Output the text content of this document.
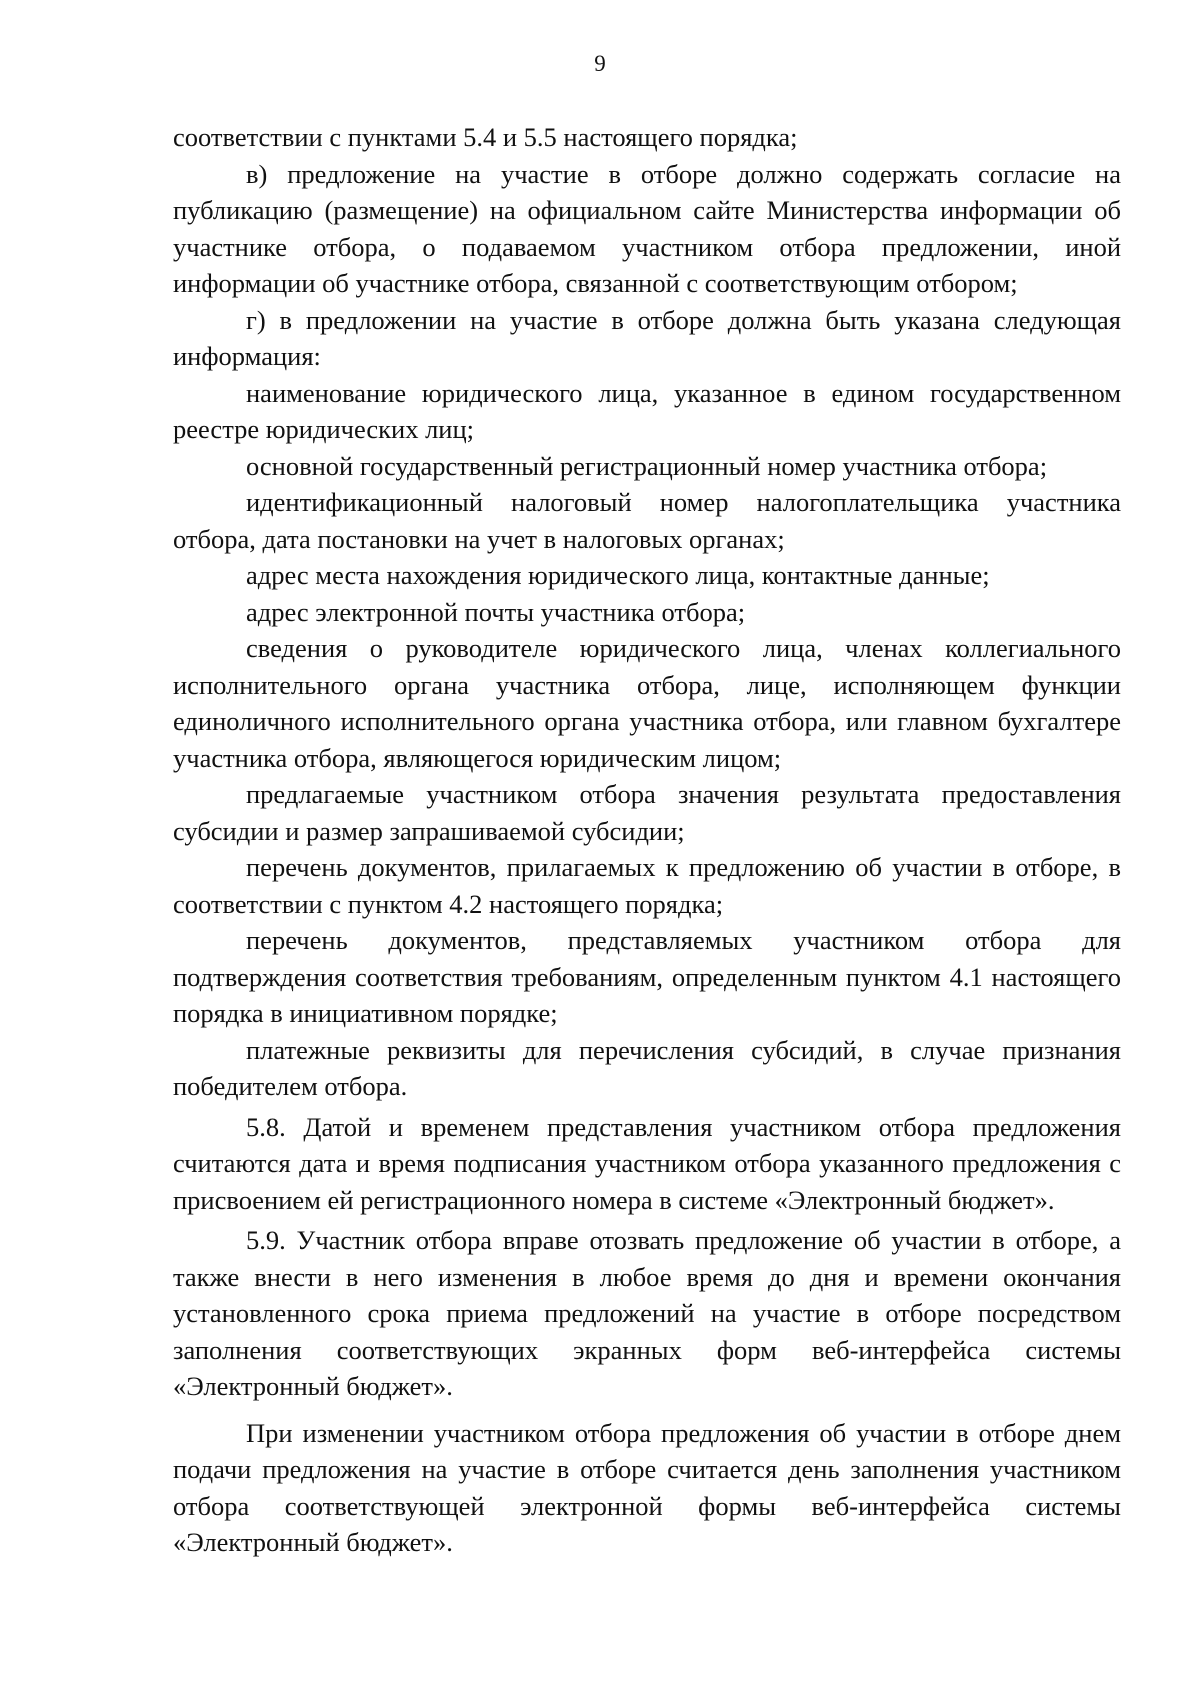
9

соответствии с пунктами 5.4 и 5.5 настоящего порядка;

в) предложение на участие в отборе должно содержать согласие на публикацию (размещение) на официальном сайте Министерства информации об участнике отбора, о подаваемом участником отбора предложении, иной информации об участнике отбора, связанной с соответствующим отбором;

г) в предложении на участие в отборе должна быть указана следующая информация:

наименование юридического лица, указанное в едином государственном реестре юридических лиц;

основной государственный регистрационный номер участника отбора;

идентификационный налоговый номер налогоплательщика участника отбора, дата постановки на учет в налоговых органах;

адрес места нахождения юридического лица, контактные данные;

адрес электронной почты участника отбора;

сведения о руководителе юридического лица, членах коллегиального исполнительного органа участника отбора, лице, исполняющем функции единоличного исполнительного органа участника отбора, или главном бухгалтере участника отбора, являющегося юридическим лицом;

предлагаемые участником отбора значения результата предоставления субсидии и размер запрашиваемой субсидии;

перечень документов, прилагаемых к предложению об участии в отборе, в соответствии с пунктом 4.2 настоящего порядка;

перечень документов, представляемых участником отбора для подтверждения соответствия требованиям, определенным пунктом 4.1 настоящего порядка в инициативном порядке;

платежные реквизиты для перечисления субсидий, в случае признания победителем отбора.

5.8. Датой и временем представления участником отбора предложения считаются дата и время подписания участником отбора указанного предложения с присвоением ей регистрационного номера в системе «Электронный бюджет».

5.9. Участник отбора вправе отозвать предложение об участии в отборе, а также внести в него изменения в любое время до дня и времени окончания установленного срока приема предложений на участие в отборе посредством заполнения соответствующих экранных форм веб-интерфейса системы «Электронный бюджет».

При изменении участником отбора предложения об участии в отборе днем подачи предложения на участие в отборе считается день заполнения участником отбора соответствующей электронной формы веб-интерфейса системы «Электронный бюджет».
